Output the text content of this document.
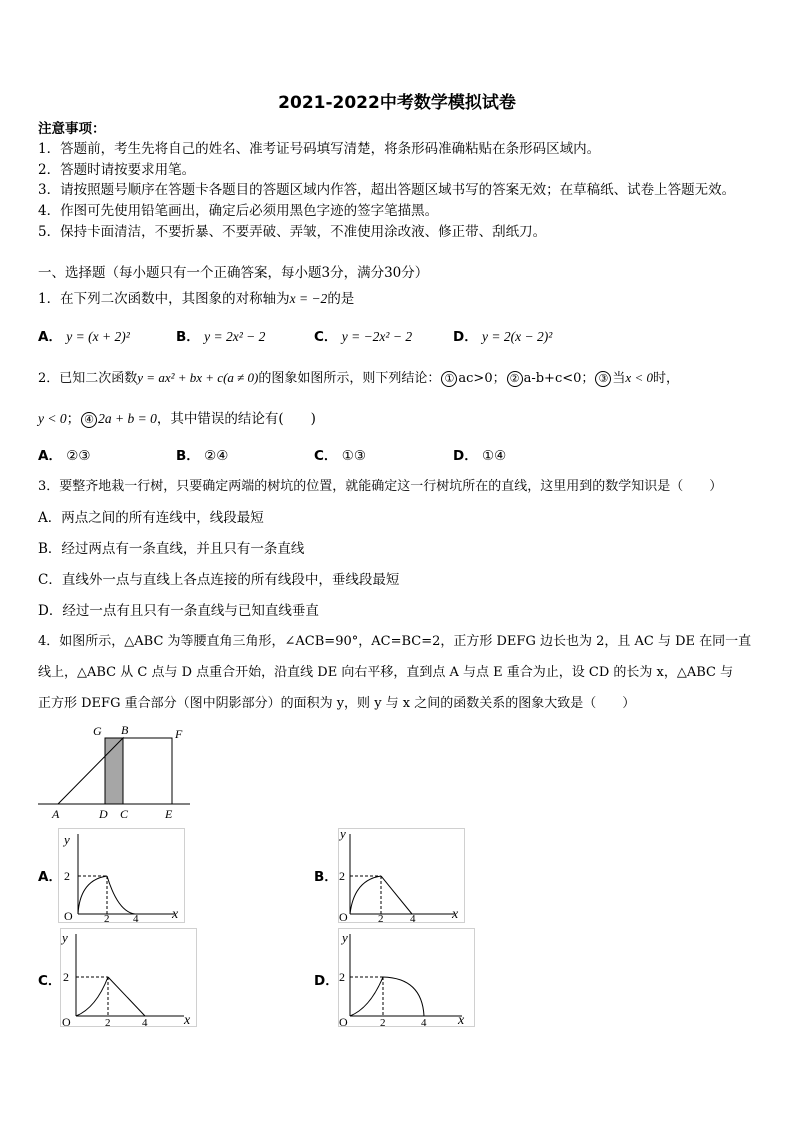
2021-2022中考数学模拟试卷
注意事项：
1．答题前，考生先将自己的姓名、准考证号码填写清楚，将条形码准确粘贴在条形码区域内。
2．答题时请按要求用笔。
3．请按照题号顺序在答题卡各题目的答题区域内作答，超出答题区域书写的答案无效；在草稿纸、试卷上答题无效。
4．作图可先使用铅笔画出，确定后必须用黑色字迹的签字笔描黑。
5．保持卡面清洁，不要折暴、不要弄破、弄皱，不准使用涂改液、修正带、刮纸刀。
一、选择题（每小题只有一个正确答案，每小题3分，满分30分）
1．在下列二次函数中，其图象的对称轴为x = −2的是
A． y = (x + 2)²	B． y = 2x² − 2	C． y = −2x² − 2	D． y = 2(x − 2)²
2．已知二次函数y = ax² + bx + c(a ≠ 0)的图象如图所示，则下列结论： ① ac>0； ② a-b+c<0； ③ 当x < 0时，
y < 0； ④ 2a + b = 0，其中错误的结论有(　　)
A． ②③	B． ②④	C． ①③	D． ①④
3．要整齐地栽一行树，只要确定两端的树坑的位置，就能确定这一行树坑所在的直线，这里用到的数学知识是（　　）
A．两点之间的所有连线中，线段最短
B．经过两点有一条直线，并且只有一条直线
C．直线外一点与直线上各点连接的所有线段中，垂线段最短
D．经过一点有且只有一条直线与已知直线垂直
4．如图所示，△ABC 为等腰直角三角形，∠ACB=90°，AC=BC=2，正方形 DEFG 边长也为 2，且 AC 与 DE 在同一直
线上，△ABC 从 C 点与 D 点重合开始，沿直线 DE 向右平移，直到点 A 与点 E 重合为止，设 CD 的长为 x，△ABC 与
正方形 DEFG 重合部分（图中阴影部分）的面积为 y，则 y 与 x 之间的函数关系的图象大致是（　　）
G B	F
A	D C	E
A．
y
x
O
2
2 4
B．
y
x
O
2
2 4
C．
y
x
O
2
2	4
D．
y
x
O
2
2	4
